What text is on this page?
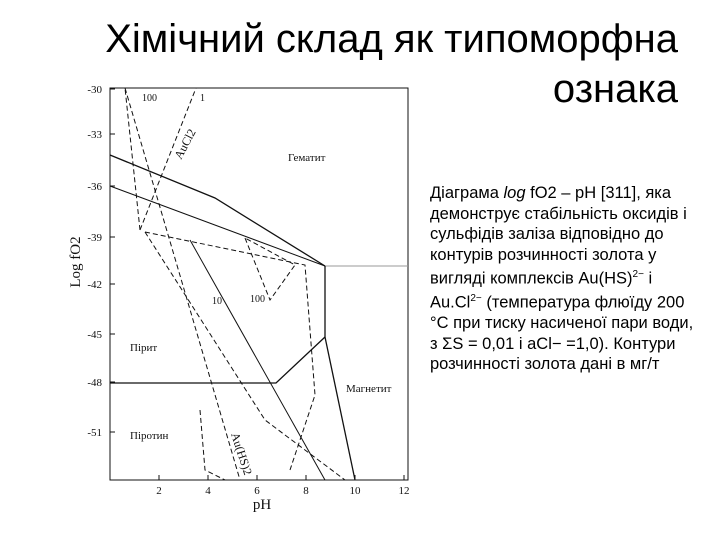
Хімічний склад як типоморфна
ознака
-30
-33
-36
-39
-42
-45
-48
-51
2	4	6	8	10	12
pH
Log fO2
100	1
10	100
Гематит
Пірит
Піротин
Магнетит
AuCl2
Au(HS)2
Діаграма log fO2 – pH [311], яка демонструє стабільність оксидів і сульфідів заліза відповідно до контурів розчинності золота у вигляді комплексів Au(HS)$^{2-}$ і $Au.Cl^{2-}$ (температура флюїду 200 °C при тиску насиченої пари води, з ΣS = 0,01 і aCl− =1,0). Контури розчинності золота дані в мг/т
